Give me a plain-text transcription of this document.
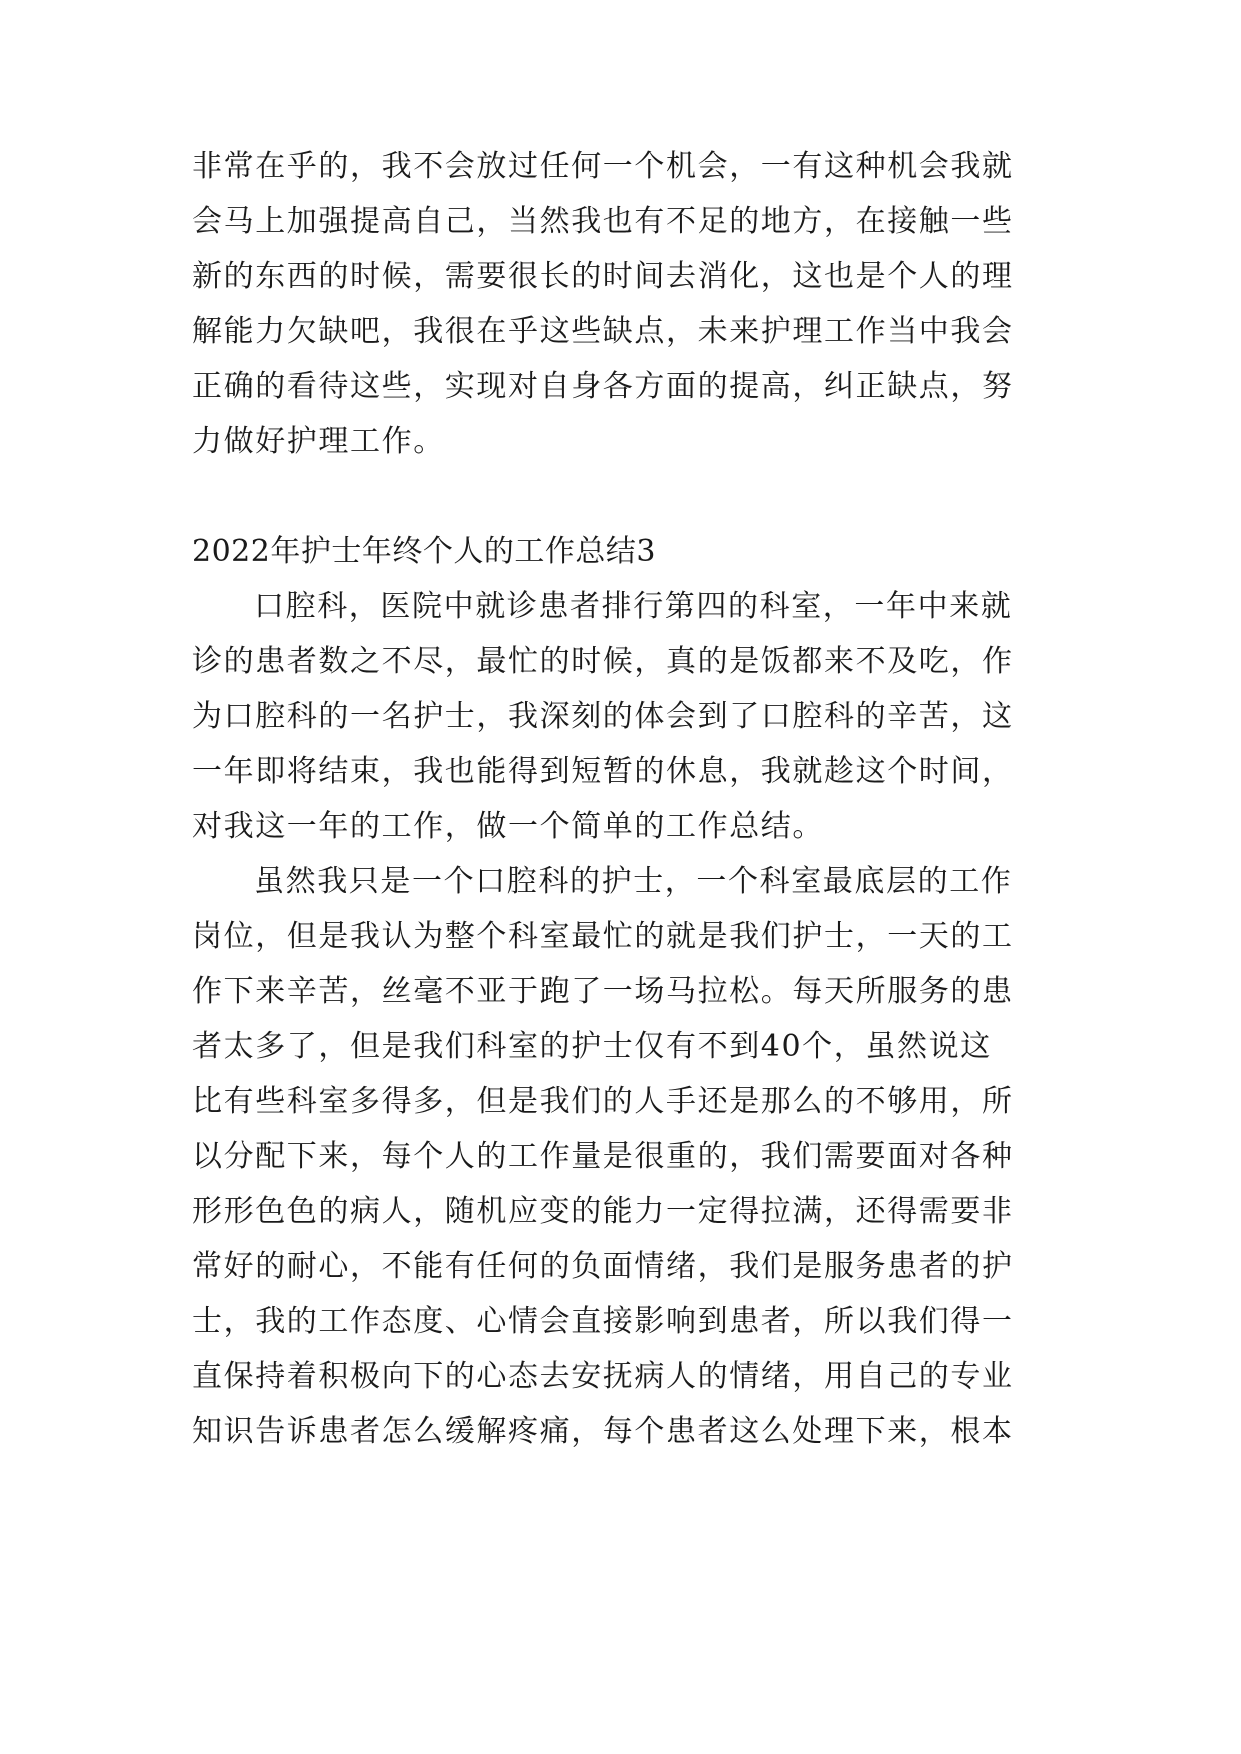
非常在乎的，我不会放过任何一个机会，一有这种机会我就
会马上加强提高自己，当然我也有不足的地方，在接触一些
新的东西的时候，需要很长的时间去消化，这也是个人的理
解能力欠缺吧，我很在乎这些缺点，未来护理工作当中我会
正确的看待这些，实现对自身各方面的提高，纠正缺点，努
力做好护理工作。
2022年护士年终个人的工作总结3
口腔科，医院中就诊患者排行第四的科室，一年中来就
诊的患者数之不尽，最忙的时候，真的是饭都来不及吃，作
为口腔科的一名护士，我深刻的体会到了口腔科的辛苦，这
一年即将结束，我也能得到短暂的休息，我就趁这个时间，
对我这一年的工作，做一个简单的工作总结。
虽然我只是一个口腔科的护士，一个科室最底层的工作
岗位，但是我认为整个科室最忙的就是我们护士，一天的工
作下来辛苦，丝毫不亚于跑了一场马拉松。每天所服务的患
者太多了，但是我们科室的护士仅有不到40个，虽然说这
比有些科室多得多，但是我们的人手还是那么的不够用，所
以分配下来，每个人的工作量是很重的，我们需要面对各种
形形色色的病人，随机应变的能力一定得拉满，还得需要非
常好的耐心，不能有任何的负面情绪，我们是服务患者的护
士，我的工作态度、心情会直接影响到患者，所以我们得一
直保持着积极向下的心态去安抚病人的情绪，用自己的专业
知识告诉患者怎么缓解疼痛，每个患者这么处理下来，根本
